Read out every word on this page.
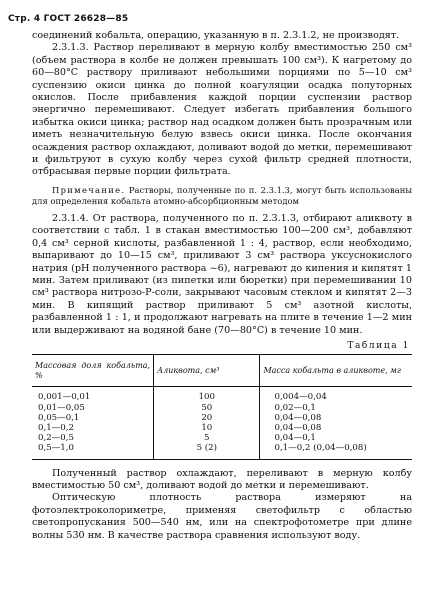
Стр. 4 ГОСТ 26628—85

соединений кобальта, операцию, указанную в п. 2.3.1.2, не производят.

2.3.1.3. Раствор переливают в мерную колбу вместимостью 250 см³ (объем раствора в колбе не должен превышать 100 см³). К нагретому до 60—80°С раствору приливают небольшими порциями по 5—10 см³ суспензию окиси цинка до полной коагуляции осадка полуторных окислов. После прибавления каждой порции суспензии раствор энергично перемешивают. Следует избегать прибавления большого избытка окиси цинка; раствор над осадком должен быть прозрачным или иметь незначительную белую взвесь окиси цинка. После окончания осаждения раствор охлаждают, доливают водой до метки, перемешивают и фильтруют в сухую колбу через сухой фильтр средней плотности, отбрасывая первые порции фильтрата.

Примечание. Растворы, полученные по п. 2.3.1.3, могут быть использованы для определения кобальта атомно-абсорбционным методом

2.3.1.4. От раствора, полученного по п. 2.3.1.3, отбирают аликвоту в соответствии с табл. 1 в стакан вместимостью 100—200 см³, добавляют 0,4 см³ серной кислоты, разбавленной 1 : 4, раствор, если необходимо, выпаривают до 10—15 см³, приливают 3 см³ раствора уксуснокислого натрия (pH полученного раствора ~6), нагревают до кипения и кипятят 1 мин. Затем приливают (из пипетки или бюретки) при перемешивании 10 см³ раствора нитрозо-Р-соли, закрывают часовым стеклом и кипятят 2—3 мин. В кипящий раствор приливают 5 см³ азотной кислоты, разбавленной 1 : 1, и продолжают нагревать на плите в течение 1—2 мин или выдерживают на водяной бане (70—80°С) в течение 10 мин.

Таблица 1
Массовая доля кобальта, %	Аликвота, см³	Масса кобальта в аликвоте, мг
0,001—0,01	100	0,004—0,04
0,01—0,05	50	0,02—0,1
0,05—0,1	20	0,04—0,08
0,1—0,2	10	0,04—0,08
0,2—0,5	5	0,04—0,1
0,5—1,0	5 (2)	0,1—0,2 (0,04—0,08)

Полученный раствор охлаждают, переливают в мерную колбу вместимостью 50 см³, доливают водой до метки и перемешивают.

Оптическую плотность раствора измеряют на фотоэлектроколориметре, применяя светофильтр с областью светопропускания 500—540 нм, или на спектрофотометре при длине волны 530 нм. В качестве раствора сравнения используют воду.
